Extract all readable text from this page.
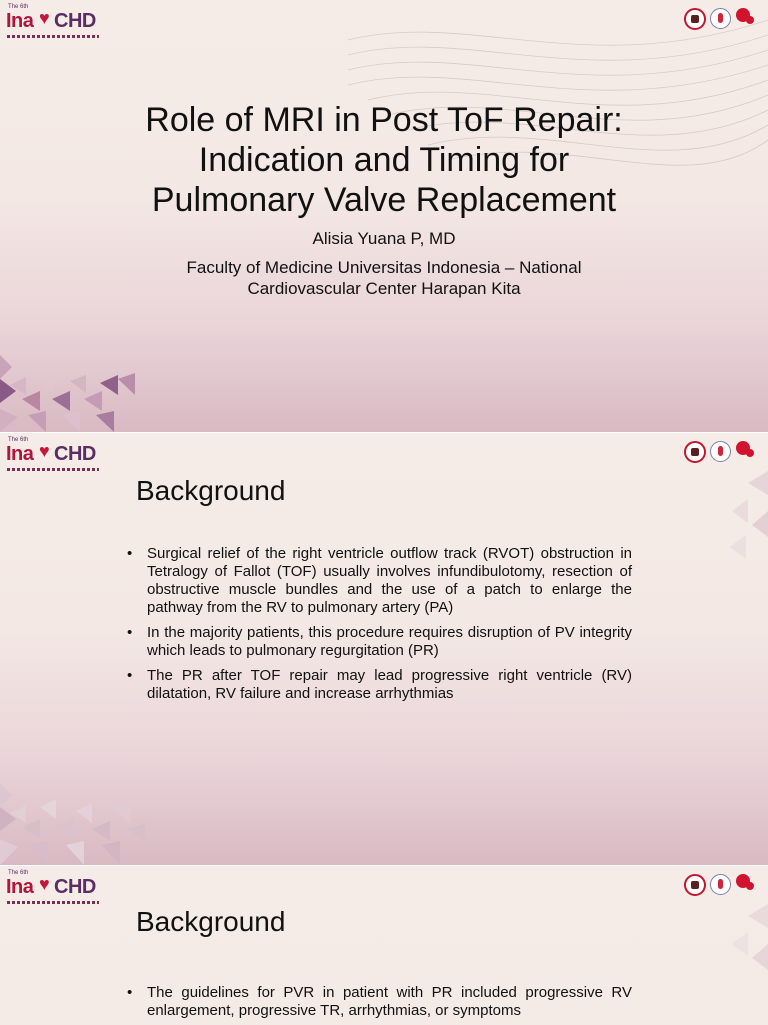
The 6th
Ina ♥ CHD
Role of MRI in Post ToF Repair:
Indication and Timing for
Pulmonary Valve Replacement
Alisia Yuana P, MD
Faculty of Medicine Universitas Indonesia – National
Cardiovascular Center Harapan Kita
The 6th
Ina ♥ CHD
Background
• Surgical relief of the right ventricle outflow track (RVOT) obstruction in Tetralogy of Fallot (TOF) usually involves infundibulotomy, resection of obstructive muscle bundles and the use of a patch to enlarge the pathway from the RV to pulmonary artery (PA)
• In the majority patients, this procedure requires disruption of PV integrity which leads to pulmonary regurgitation (PR)
• The PR after TOF repair may lead progressive right ventricle (RV) dilatation, RV failure and increase arrhythmias
The 6th
Ina ♥ CHD
Background
• The guidelines for PVR in patient with PR included progressive RV enlargement, progressive TR, arrhythmias, or symptoms
